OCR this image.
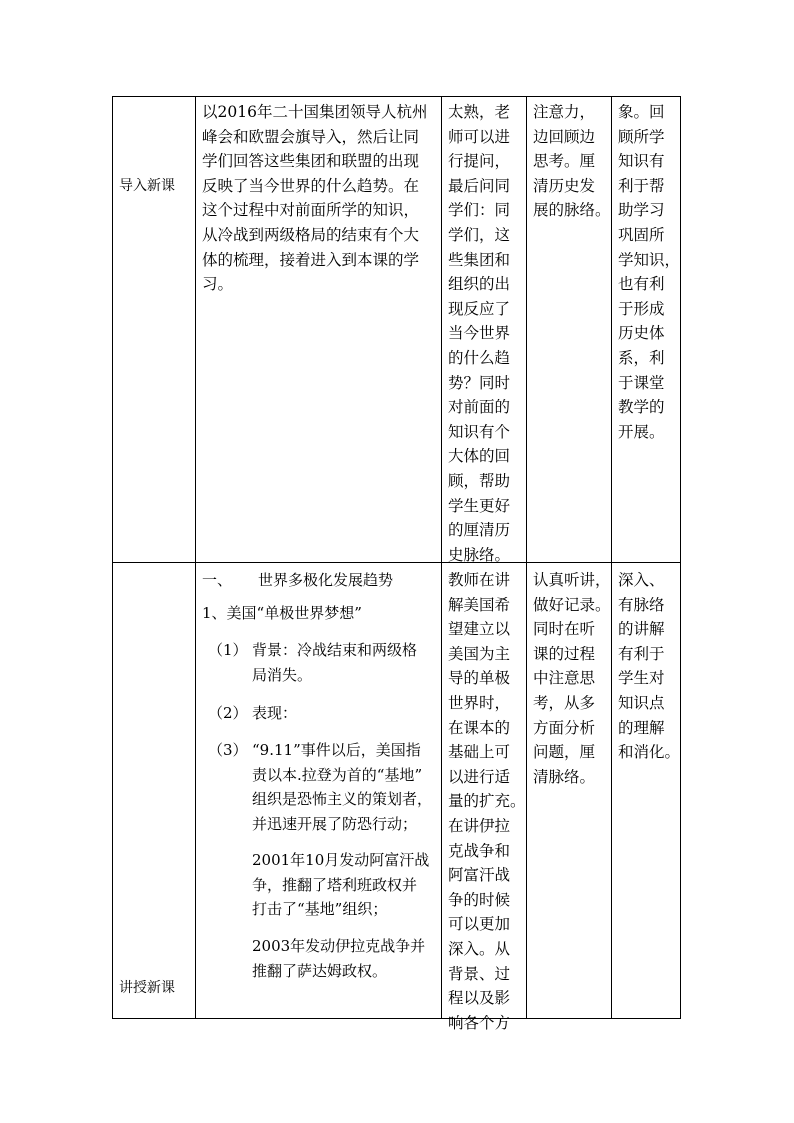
导入新课
以2016年二十国集团领导人杭州
峰会和欧盟会旗导入，然后让同
学们回答这些集团和联盟的出现
反映了当今世界的什么趋势。在
这个过程中对前面所学的知识，
从冷战到两级格局的结束有个大
体的梳理，接着进入到本课的学
习。
太熟，老
师可以进
行提问，
最后问同
学们：同
学们，这
些集团和
组织的出
现反应了
当今世界
的什么趋
势？同时
对前面的
知识有个
大体的回
顾，帮助
学生更好
的厘清历
史脉络。
注意力，
边回顾边
思考。厘
清历史发
展的脉络。
象。回
顾所学
知识有
利于帮
助学习
巩固所
学知识，
也有利
于形成
历史体
系，利
于课堂
教学的
开展。
讲授新课
一、 世界多极化发展趋势
1、美国“单极世界梦想”
（1） 背景：冷战结束和两级格
局消失。
（2） 表现：
（3） “9.11”事件以后，美国指
责以本.拉登为首的“基地”
组织是恐怖主义的策划者，
并迅速开展了防恐行动；
2001年10月发动阿富汗战
争，推翻了塔利班政权并
打击了“基地”组织；
2003年发动伊拉克战争并
推翻了萨达姆政权。
教师在讲
解美国希
望建立以
美国为主
导的单极
世界时，
在课本的
基础上可
以进行适
量的扩充。
在讲伊拉
克战争和
阿富汗战
争的时候
可以更加
深入。从
背景、过
程以及影
响各个方
认真听讲，
做好记录。
同时在听
课的过程
中注意思
考，从多
方面分析
问题，厘
清脉络。
深入、
有脉络
的讲解
有利于
学生对
知识点
的理解
和消化。
